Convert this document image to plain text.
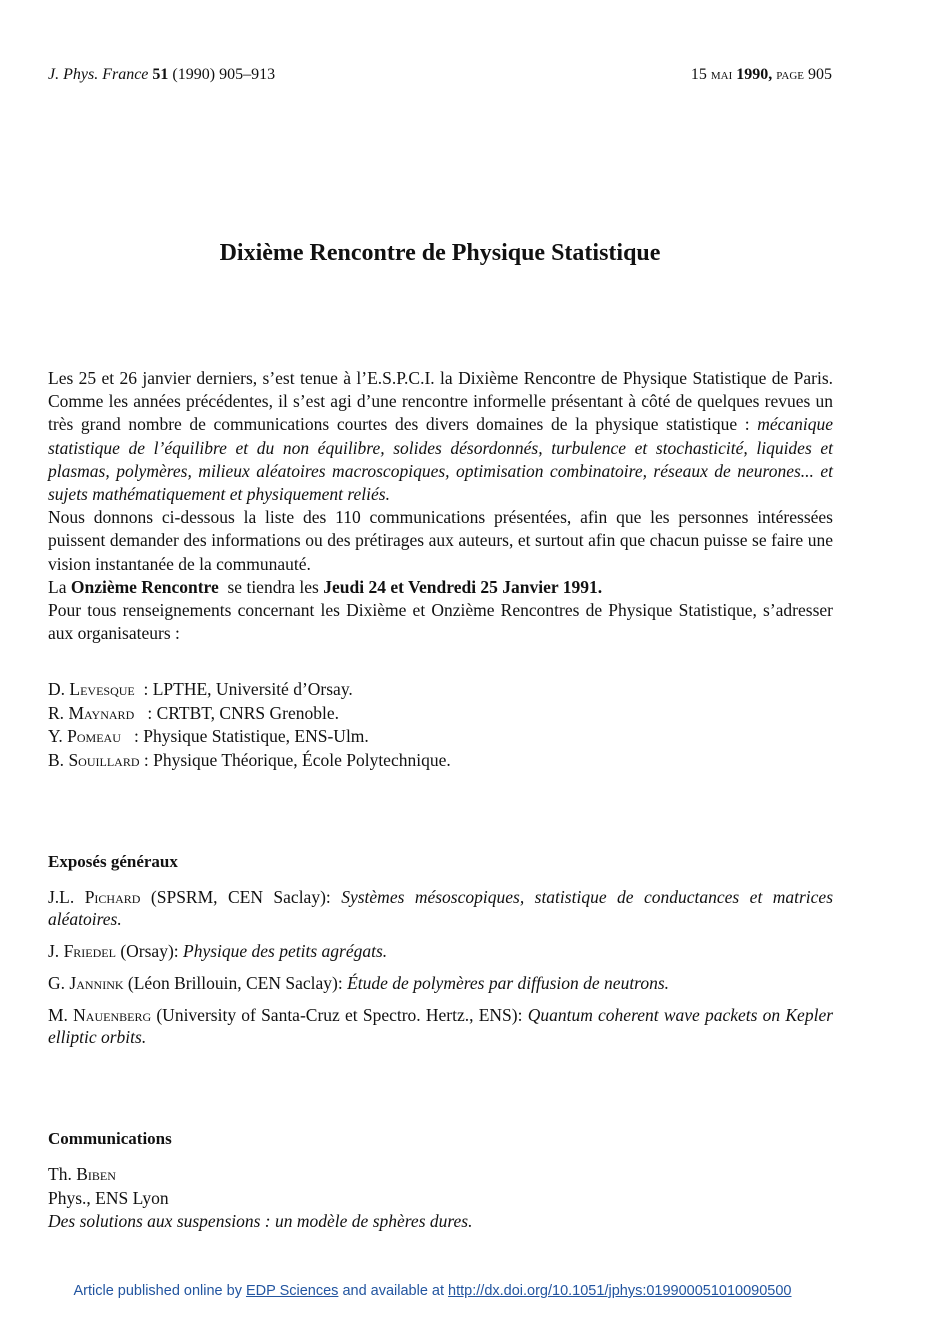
J. Phys. France 51 (1990) 905–913	15 mai 1990, page 905
Dixième Rencontre de Physique Statistique

Les 25 et 26 janvier derniers, s’est tenue à l’E.S.P.C.I. la Dixième Rencontre de Physique Statistique de Paris. Comme les années précédentes, il s’est agi d’une rencontre informelle présentant à côté de quelques revues un très grand nombre de communications courtes des divers domaines de la physique statistique : mécanique statistique de l’équilibre et du non équilibre, solides désordonnés, turbulence et stochasticité, liquides et plasmas, polymères, milieux aléatoires macroscopiques, optimisation combinatoire, réseaux de neurones... et sujets mathématiquement et physiquement reliés.

Nous donnons ci-dessous la liste des 110 communications présentées, afin que les personnes intéressées puissent demander des informations ou des prétirages aux auteurs, et surtout afin que chacun puisse se faire une vision instantanée de la communauté.

La Onzième Rencontre se tiendra les Jeudi 24 et Vendredi 25 Janvier 1991.

Pour tous renseignements concernant les Dixième et Onzième Rencontres de Physique Statistique, s’adresser aux organisateurs :

D. Levesque : LPTHE, Université d’Orsay.
R. Maynard : CRTBT, CNRS Grenoble.
Y. Pomeau : Physique Statistique, ENS-Ulm.
B. Souillard : Physique Théorique, École Polytechnique.
Exposés généraux

J.L. Pichard (SPSRM, CEN Saclay): Systèmes mésoscopiques, statistique de conductances et matrices aléatoires.

J. Friedel (Orsay): Physique des petits agrégats.

G. Jannink (Léon Brillouin, CEN Saclay): Étude de polymères par diffusion de neutrons.

M. Nauenberg (University of Santa-Cruz et Spectro. Hertz., ENS): Quantum coherent wave packets on Kepler elliptic orbits.

Communications
Th. Biben
Phys., ENS Lyon
Des solutions aux suspensions : un modèle de sphères dures.
Article published online by EDP Sciences and available at http://dx.doi.org/10.1051/jphys:019900051010090500
